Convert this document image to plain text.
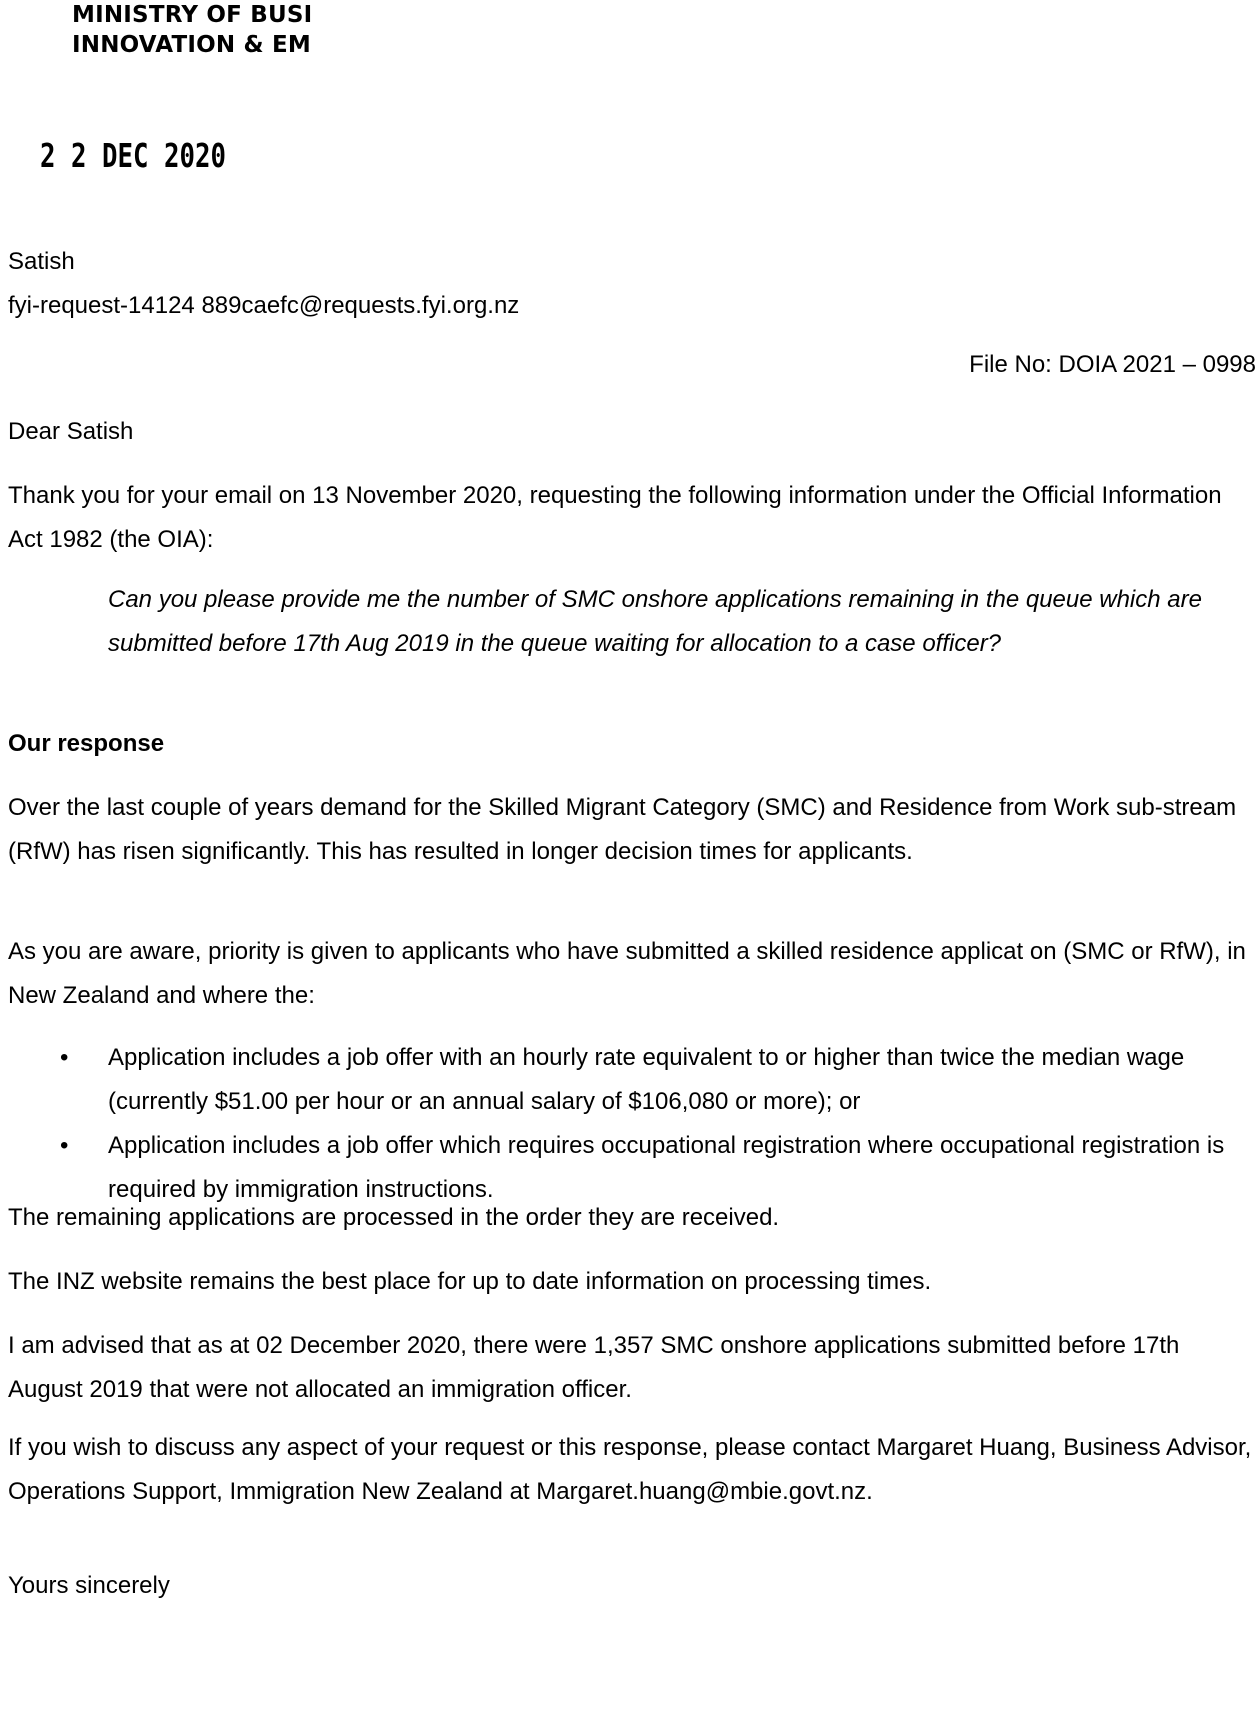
MINISTRY OF BUSI
INNOVATION & EM
2 2 DEC 2020
Satish
fyi-request-14124 889caefc@requests.fyi.org.nz
File No: DOIA 2021 – 0998
Dear Satish

Thank you for your email on 13 November 2020, requesting the following information under the Official Information Act 1982 (the OIA):

Can you please provide me the number of SMC onshore applications remaining in the queue which are submitted before 17th Aug 2019 in the queue waiting for allocation to a case officer?

Our response

Over the last couple of years demand for the Skilled Migrant Category (SMC) and Residence from Work sub-stream (RfW) has risen significantly. This has resulted in longer decision times for applicants.

As you are aware, priority is given to applicants who have submitted a skilled residence applicat on (SMC or RfW), in New Zealand and where the:

• Application includes a job offer with an hourly rate equivalent to or higher than twice the median wage (currently $51.00 per hour or an annual salary of $106,080 or more); or
• Application includes a job offer which requires occupational registration where occupational registration is required by immigration instructions.

The remaining applications are processed in the order they are received.

The INZ website remains the best place for up to date information on processing times.

I am advised that as at 02 December 2020, there were 1,357 SMC onshore applications submitted before 17th August 2019 that were not allocated an immigration officer.

If you wish to discuss any aspect of your request or this response, please contact Margaret Huang, Business Advisor, Operations Support, Immigration New Zealand at Margaret.huang@mbie.govt.nz.

Yours sincerely
